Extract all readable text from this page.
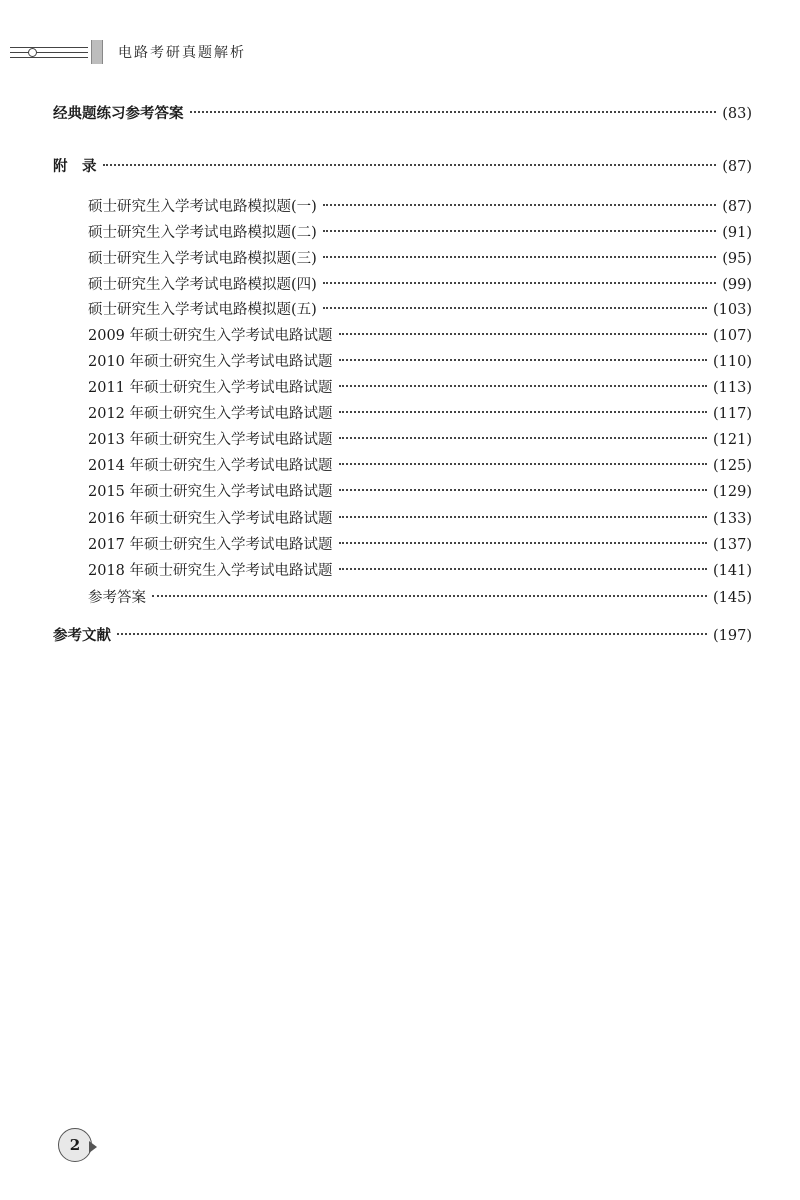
电路考研真题解析
经典题练习参考答案	(83)
附　录	(87)
硕士研究生入学考试电路模拟题(一)	(87)
硕士研究生入学考试电路模拟题(二)	(91)
硕士研究生入学考试电路模拟题(三)	(95)
硕士研究生入学考试电路模拟题(四)	(99)
硕士研究生入学考试电路模拟题(五)	(103)
2009 年硕士研究生入学考试电路试题	(107)
2010 年硕士研究生入学考试电路试题	(110)
2011 年硕士研究生入学考试电路试题	(113)
2012 年硕士研究生入学考试电路试题	(117)
2013 年硕士研究生入学考试电路试题	(121)
2014 年硕士研究生入学考试电路试题	(125)
2015 年硕士研究生入学考试电路试题	(129)
2016 年硕士研究生入学考试电路试题	(133)
2017 年硕士研究生入学考试电路试题	(137)
2018 年硕士研究生入学考试电路试题	(141)
参考答案	(145)
参考文献	(197)
2
